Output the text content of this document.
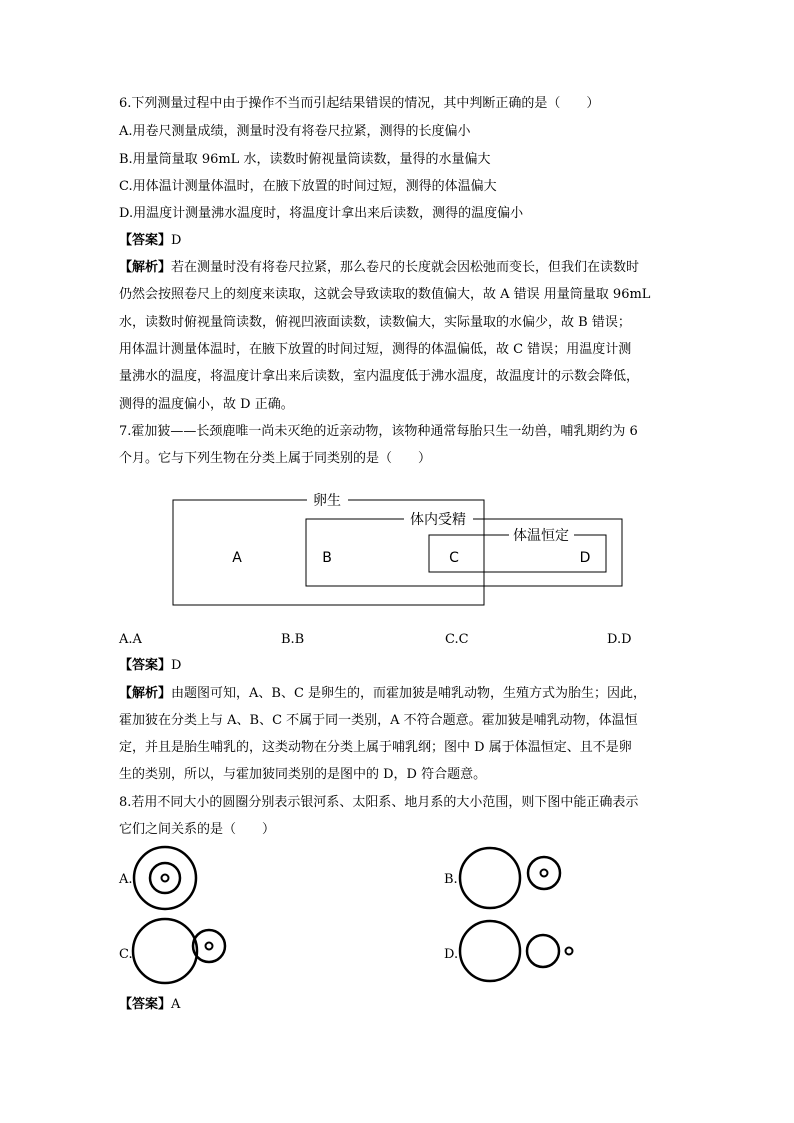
6.下列测量过程中由于操作不当而引起结果错误的情况，其中判断正确的是（　　）
A.用卷尺测量成绩，测量时没有将卷尺拉紧，测得的长度偏小
B.用量筒量取 96mL 水，读数时俯视量筒读数，量得的水量偏大
C.用体温计测量体温时，在腋下放置的时间过短，测得的体温偏大
D.用温度计测量沸水温度时，将温度计拿出来后读数，测得的温度偏小
【答案】D
【解析】若在测量时没有将卷尺拉紧，那么卷尺的长度就会因松弛而变长，但我们在读数时
仍然会按照卷尺上的刻度来读取，这就会导致读取的数值偏大，故 A 错误 用量筒量取 96mL
水，读数时俯视量筒读数，俯视凹液面读数，读数偏大，实际量取的水偏少，故 B 错误；
用体温计测量体温时，在腋下放置的时间过短，测得的体温偏低，故 C 错误；用温度计测
量沸水的温度，将温度计拿出来后读数，室内温度低于沸水温度，故温度计的示数会降低，
测得的温度偏小，故 D 正确。
7.霍加狓——长颈鹿唯一尚未灭绝的近亲动物，该物种通常每胎只生一幼兽，哺乳期约为 6
个月。它与下列生物在分类上属于同类别的是（　　）
卵生
体内受精
体温恒定
A	B	C	D
A.A	B.B	C.C	D.D
【答案】D
【解析】由题图可知，A、B、C 是卵生的，而霍加狓是哺乳动物，生殖方式为胎生；因此，
霍加狓在分类上与 A、B、C 不属于同一类别，A 不符合题意。霍加狓是哺乳动物，体温恒
定，并且是胎生哺乳的，这类动物在分类上属于哺乳纲；图中 D 属于体温恒定、且不是卵
生的类别，所以，与霍加狓同类别的是图中的 D，D 符合题意。
8.若用不同大小的圆圈分别表示银河系、太阳系、地月系的大小范围，则下图中能正确表示
它们之间关系的是（　　）
A.	B.
C.	D.
【答案】A
